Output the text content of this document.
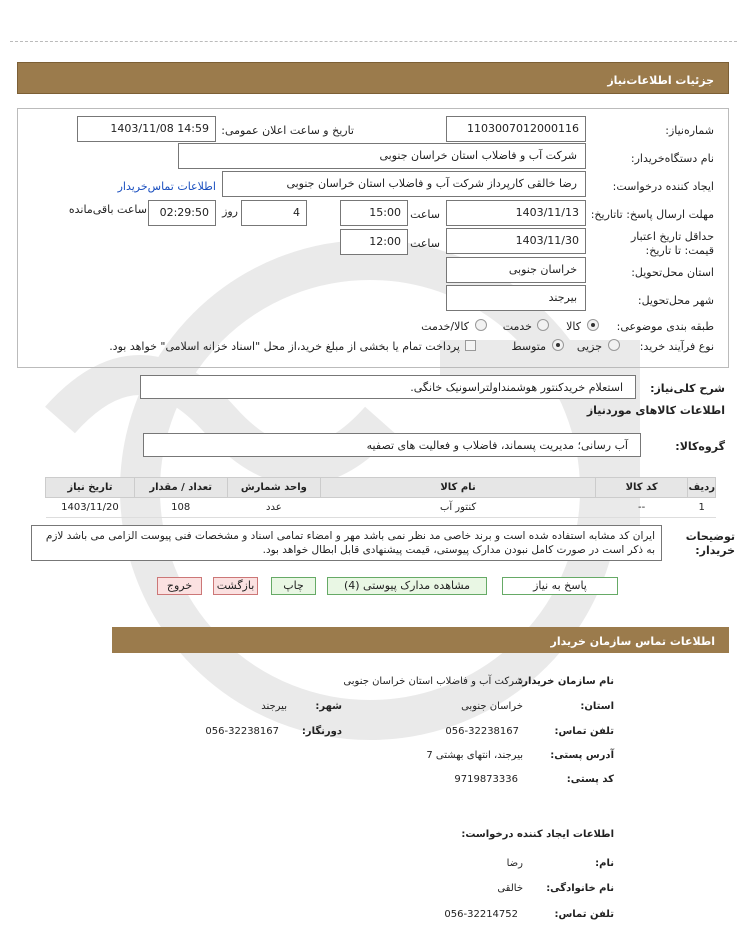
جزئیات اطلاعات‌نیاز
شماره‌نیاز:
1103007012000116
تاریخ و ساعت اعلان عمومی:
1403/11/08 14:59
نام دستگاه‌خریدار:
شرکت آب و فاضلاب استان خراسان جنوبی
ایجاد کننده درخواست:
رضا خالقی کارپرداز شرکت آب و فاضلاب استان خراسان جنوبی
اطلاعات تماس‌خریدار
مهلت ارسال پاسخ: تاتاریخ:
1403/11/13
ساعت
15:00
4
روز
02:29:50
ساعت باقی‌مانده
حداقل تاریخ اعتبار قیمت: تا تاریخ:
1403/11/30
ساعت
12:00
استان محل‌تحویل:
خراسان جنوبی
شهر محل‌تحویل:
بیرجند
طبقه بندی موضوعی:
کالا
خدمت
کالا/خدمت
نوع فرآیند خرید:
جزیی
متوسط
پرداخت تمام یا بخشی از مبلغ خرید،از محل "اسناد خزانه اسلامی" خواهد بود.
شرح کلی‌نیاز:
استعلام خریدکنتور هوشمنداولتراسونیک خانگی.
اطلاعات کالاهای موردنیاز
گروه‌کالا:
آب رسانی؛ مدیریت پسماند، فاضلاب و فعالیت های تصفیه
ردیف	کد کالا	نام کالا	واحد شمارش	تعداد / مقدار	تاریخ نیاز
1	--	کنتور آب	عدد	108	1403/11/20
توضیحات خریدار:
ایران کد مشابه استفاده شده است و برند خاصی مد نظر نمی باشد مهر و امضاء تمامی اسناد و مشخصات فنی پیوست الزامی می باشد لازم به ذکر است در صورت کامل نبودن مدارک پیوستی، قیمت پیشنهادی قابل ابطال خواهد بود.
پاسخ به نیاز
مشاهده مدارک پیوستی (4)
چاپ
بازگشت
خروج
اطلاعات تماس سازمان خریدار
نام سازمان خریدار:
شرکت آب و فاضلاب استان خراسان جنوبی
استان:
خراسان جنوبی
شهر:
بیرجند
تلفن تماس:
056-32238167
دورنگار:
056-32238167
آدرس پستی:
بیرجند، انتهای بهشتی 7
کد پستی:
9719873336
اطلاعات ایجاد کننده درخواست:
نام:
رضا
نام خانوادگی:
خالقی
تلفن تماس:
056-32214752
